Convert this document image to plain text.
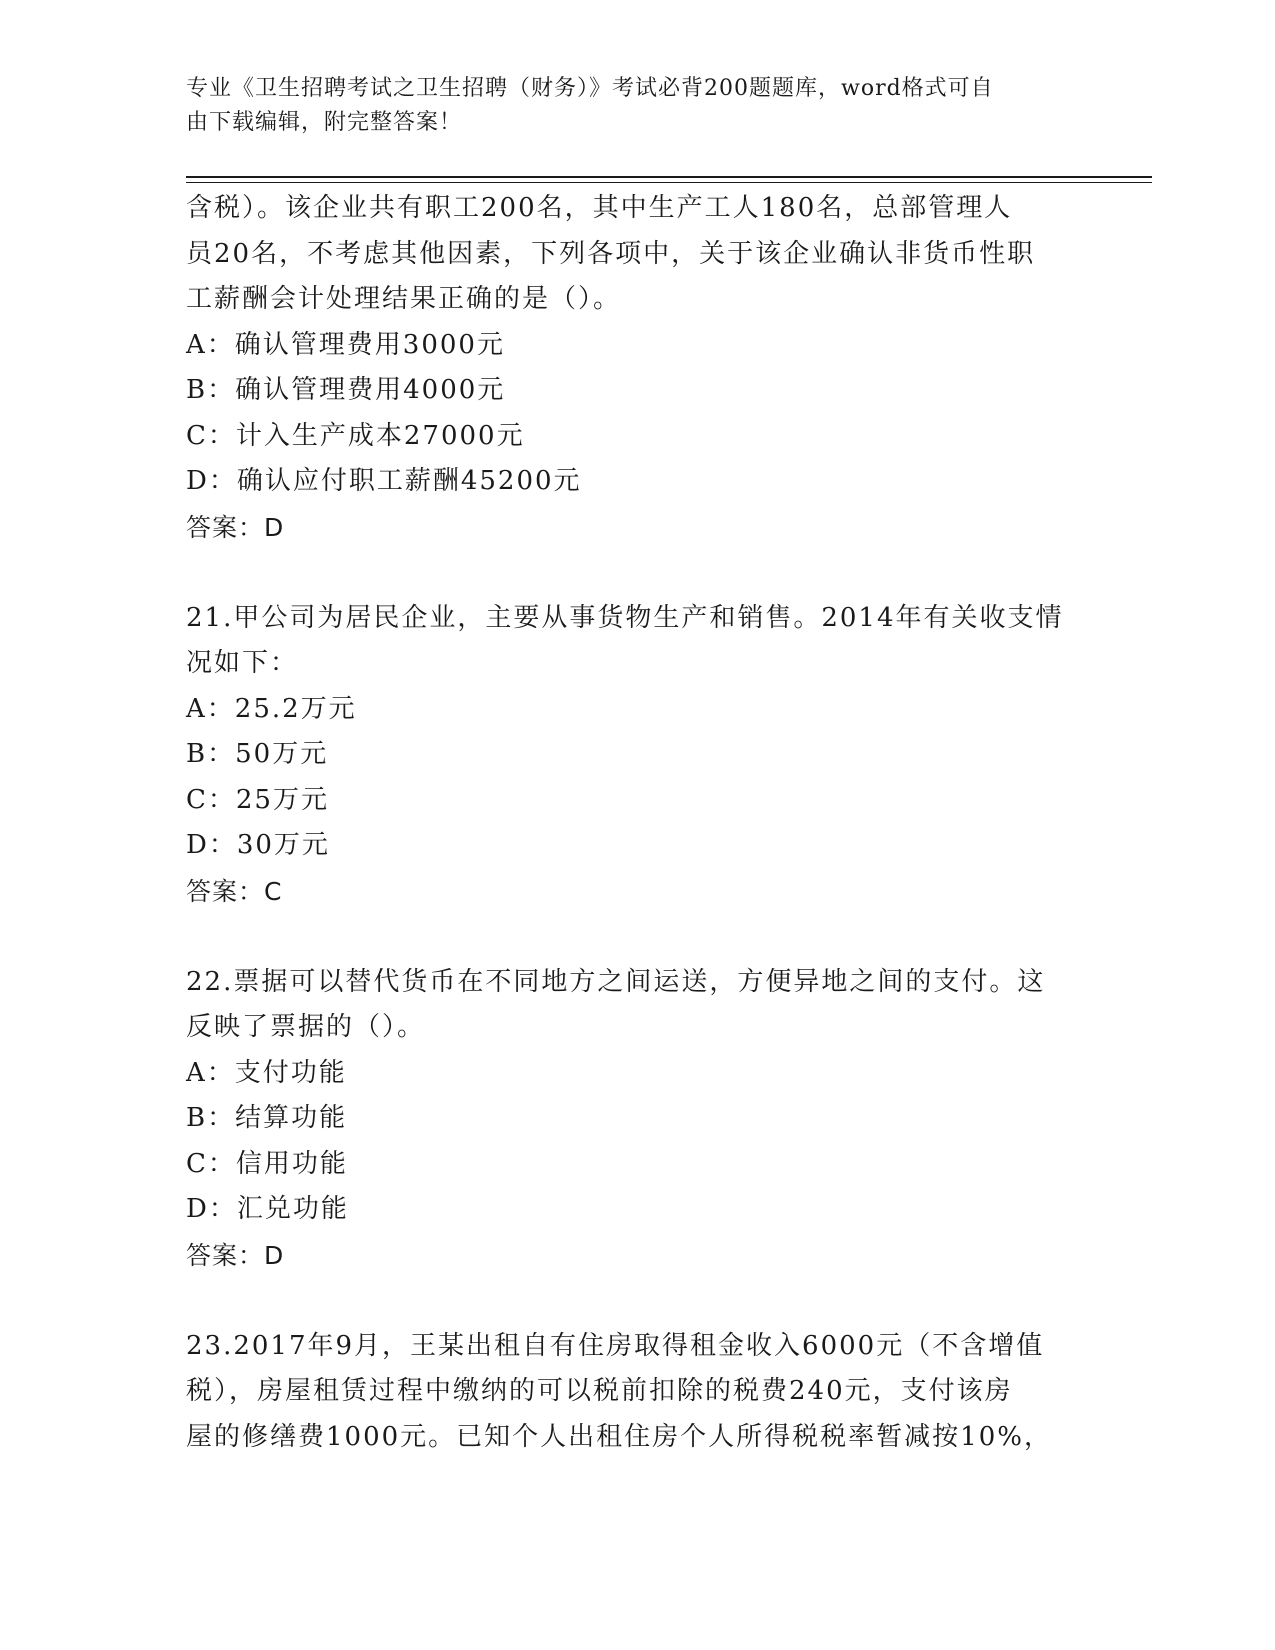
专业《卫生招聘考试之卫生招聘（财务）》考试必背200题题库，word格式可自
由下载编辑，附完整答案！
含税）。该企业共有职工200名，其中生产工人180名，总部管理人
员20名，不考虑其他因素，下列各项中，关于该企业确认非货币性职
工薪酬会计处理结果正确的是（）。
A：确认管理费用3000元
B：确认管理费用4000元
C：计入生产成本27000元
D：确认应付职工薪酬45200元
答案：D
21.甲公司为居民企业，主要从事货物生产和销售。2014年有关收支情
况如下：
A：25.2万元
B：50万元
C：25万元
D：30万元
答案：C
22.票据可以替代货币在不同地方之间运送，方便异地之间的支付。这
反映了票据的（）。
A：支付功能
B：结算功能
C：信用功能
D：汇兑功能
答案：D
23.2017年9月，王某出租自有住房取得租金收入6000元（不含增值
税），房屋租赁过程中缴纳的可以税前扣除的税费240元，支付该房
屋的修缮费1000元。已知个人出租住房个人所得税税率暂减按10%，
